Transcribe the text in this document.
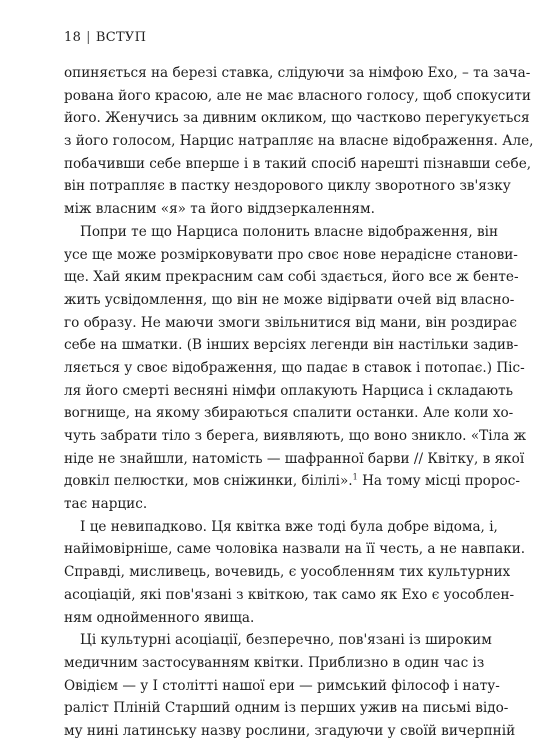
18 | ВСТУП
опиняється на березі ставка, слідуючи за німфою Ехо, – та зача-
рована його красою, але не має власного голосу, щоб спокусити
його. Женучись за дивним окликом, що частково перегукується
з його голосом, Нарцис натрапляє на власне відображення. Але,
побачивши себе вперше і в такий спосіб нарешті пізнавши себе,
він потрапляє в пастку нездорового циклу зворотного зв'язку
між власним «я» та його віддзеркаленням.
Попри те що Нарциса полонить власне відображення, він
усе ще може розмірковувати про своє нове нерадісне станови-
ще. Хай яким прекрасним сам собі здається, його все ж бенте-
жить усвідомлення, що він не може відірвати очей від власно-
го образу. Не маючи змоги звільнитися від мани, він роздирає
себе на шматки. (В інших версіях легенди він настільки задив-
ляється у своє відображення, що падає в ставок і потопає.) Піс-
ля його смерті весняні німфи оплакують Нарциса і складають
вогнище, на якому збираються спалити останки. Але коли хо-
чуть забрати тіло з берега, виявляють, що воно зникло. «Тіла ж
ніде не знайшли, натомість — шафранної барви // Квітку, в якої
довкіл пелюстки, мов сніжинки, білілі».$^1$ На тому місці пророс-
тає нарцис.
І це невипадково. Ця квітка вже тоді була добре відома, і,
найімовірніше, саме чоловіка назвали на її честь, а не навпаки.
Справді, мисливець, вочевидь, є уособленням тих культурних
асоціацій, які пов'язані з квіткою, так само як Ехо є уособлен-
ням однойменного явища.
Ці культурні асоціації, безперечно, пов'язані із широким
медичним застосуванням квітки. Приблизно в один час із
Овідієм — у І столітті нашої ери — римський філософ і нату-
раліст Пліній Старший одним із перших ужив на письмі відо-
му нині латинську назву рослини, згадуючи у своїй вичерпній
